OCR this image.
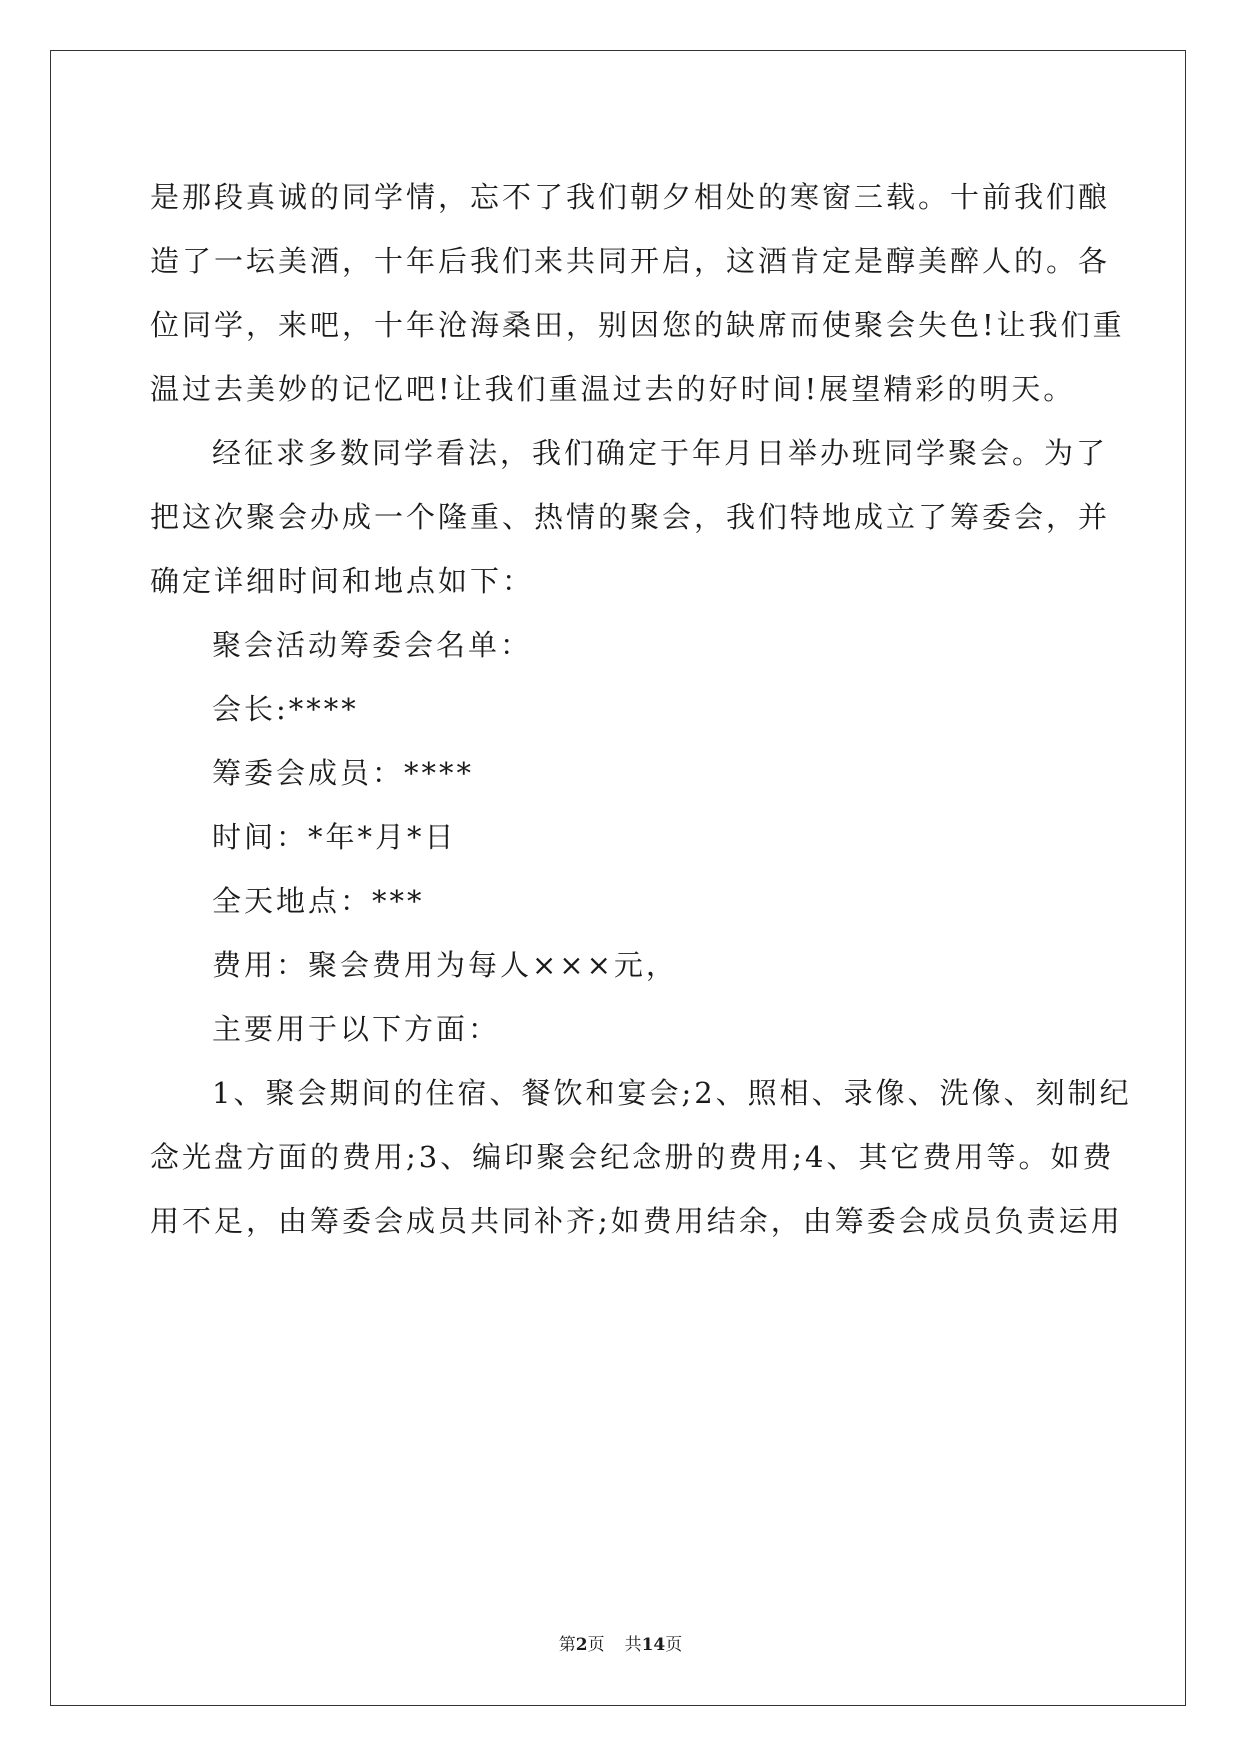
是那段真诚的同学情，忘不了我们朝夕相处的寒窗三载。十前我们酿
造了一坛美酒，十年后我们来共同开启，这酒肯定是醇美醉人的。各
位同学，来吧，十年沧海桑田，别因您的缺席而使聚会失色!让我们重
温过去美妙的记忆吧!让我们重温过去的好时间!展望精彩的明天。
经征求多数同学看法，我们确定于年月日举办班同学聚会。为了
把这次聚会办成一个隆重、热情的聚会，我们特地成立了筹委会，并
确定详细时间和地点如下：
聚会活动筹委会名单：
会长:****
筹委会成员：****
时间：*年*月*日
全天地点：***
费用：聚会费用为每人×××元，
主要用于以下方面：
1、聚会期间的住宿、餐饮和宴会;2、照相、录像、洗像、刻制纪
念光盘方面的费用;3、编印聚会纪念册的费用;4、其它费用等。如费
用不足，由筹委会成员共同补齐;如费用结余，由筹委会成员负责运用
第2页 共14页
